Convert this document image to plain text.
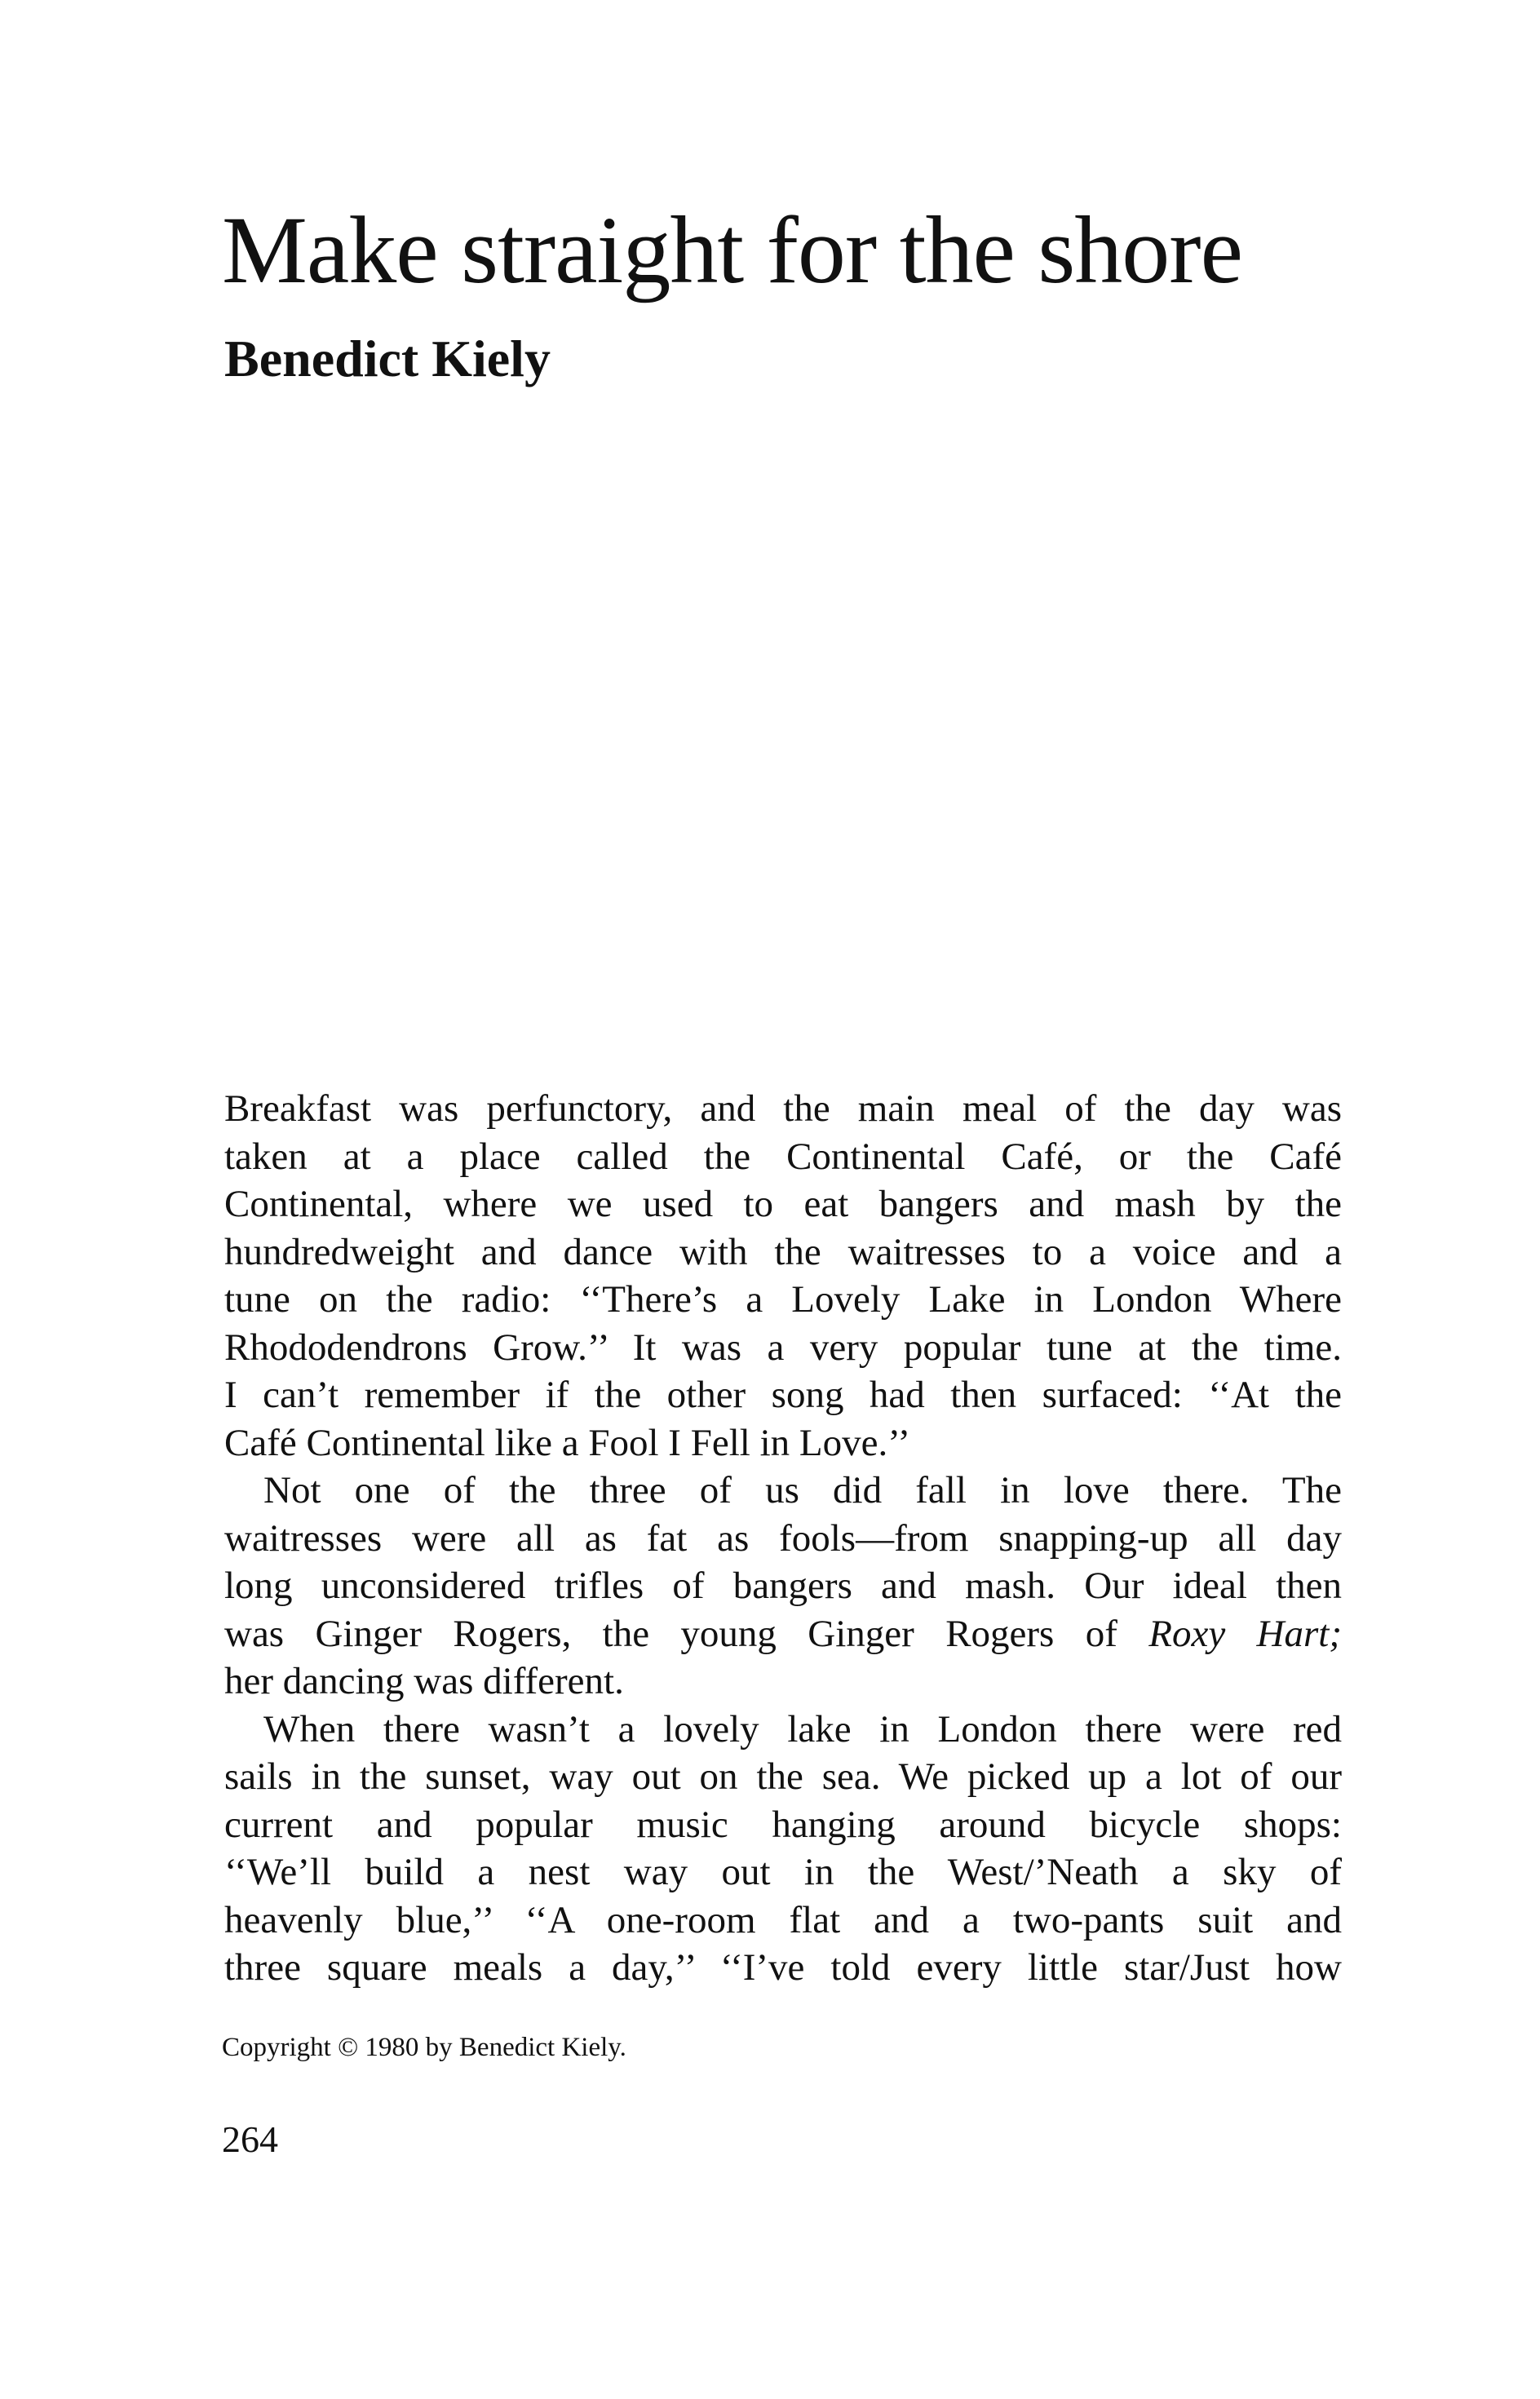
Make straight for the shore
Benedict Kiely
Breakfast was perfunctory, and the main meal of the day was
taken at a place called the Continental Café, or the Café
Continental, where we used to eat bangers and mash by the
hundredweight and dance with the waitresses to a voice and a
tune on the radio: ‘‘There’s a Lovely Lake in London Where
Rhododendrons Grow.’’ It was a very popular tune at the time.
I can’t remember if the other song had then surfaced: ‘‘At the
Café Continental like a Fool I Fell in Love.’’
Not one of the three of us did fall in love there. The
waitresses were all as fat as fools—from snapping-up all day
long unconsidered trifles of bangers and mash. Our ideal then
was Ginger Rogers, the young Ginger Rogers of Roxy Hart;
her dancing was different.
When there wasn’t a lovely lake in London there were red
sails in the sunset, way out on the sea. We picked up a lot of our
current and popular music hanging around bicycle shops:
‘‘We’ll build a nest way out in the West/’Neath a sky of
heavenly blue,’’ ‘‘A one-room flat and a two-pants suit and
three square meals a day,’’ ‘‘I’ve told every little star/Just how

Copyright © 1980 by Benedict Kiely.

264
